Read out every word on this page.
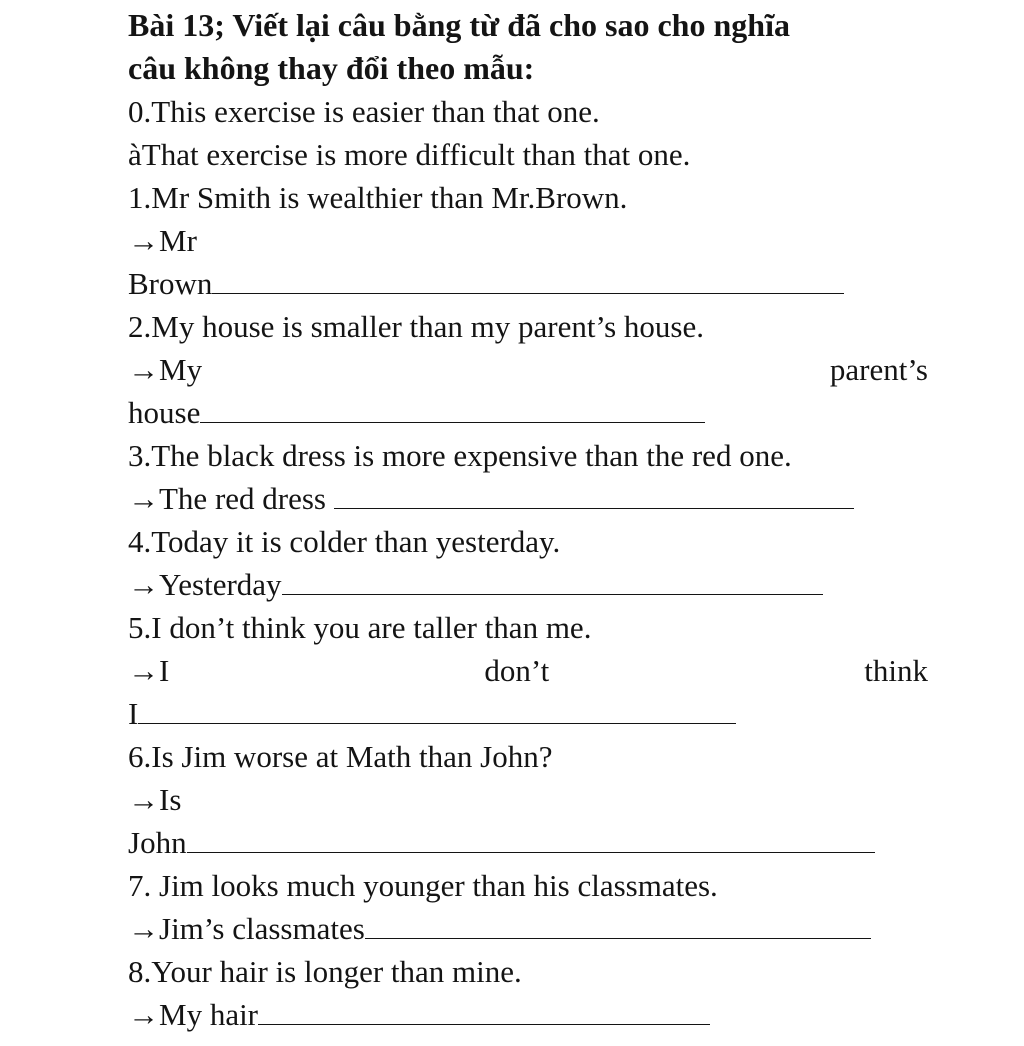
Bài 13; Viết lại câu bằng từ đã cho sao cho nghĩa
câu không thay đổi theo mẫu:
0.This exercise is easier than that one.
àThat exercise is more difficult than that one.
1.Mr Smith is wealthier than Mr.Brown.
→Mr
Brown
2.My house is smaller than my parent’s house.
→My	parent’s
house
3.The black dress is more expensive than the red one.
→The red dress
4.Today it is colder than yesterday.
→Yesterday
5.I don’t think you are taller than me.
→I	don’t	think
I
6.Is Jim worse at Math than John?
→Is
John
7. Jim looks much younger than his classmates.
→Jim’s classmates
8.Your hair is longer than mine.
→My hair
